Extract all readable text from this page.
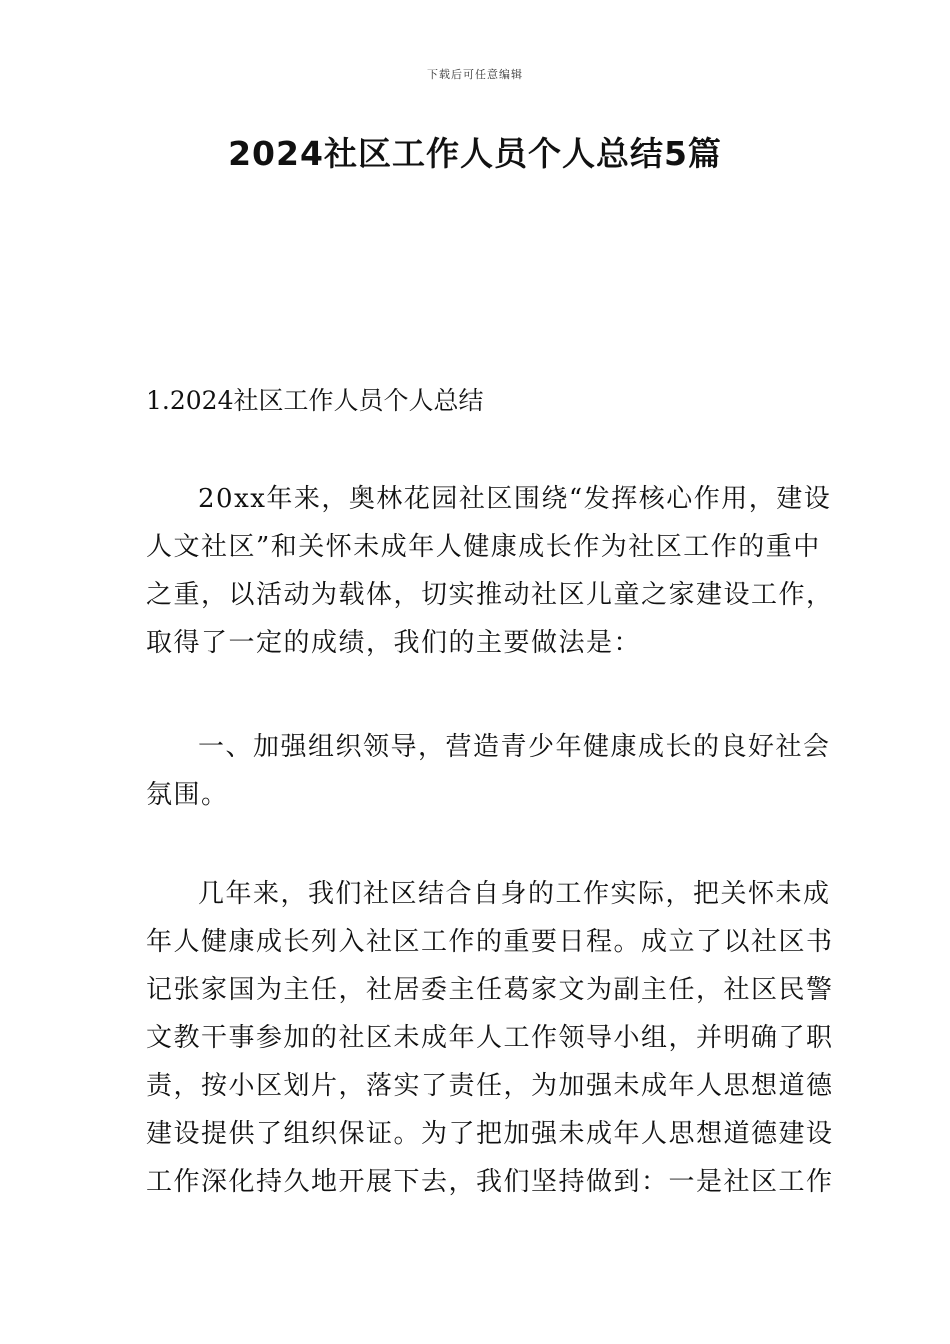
下载后可任意编辑
2024社区工作人员个人总结5篇
1.2024社区工作人员个人总结
20xx年来，奥林花园社区围绕“发挥核心作用，建设
人文社区”和关怀未成年人健康成长作为社区工作的重中
之重，以活动为载体，切实推动社区儿童之家建设工作，
取得了一定的成绩，我们的主要做法是：
一、加强组织领导，营造青少年健康成长的良好社会
氛围。
几年来，我们社区结合自身的工作实际，把关怀未成
年人健康成长列入社区工作的重要日程。成立了以社区书
记张家国为主任，社居委主任葛家文为副主任，社区民警
文教干事参加的社区未成年人工作领导小组，并明确了职
责，按小区划片，落实了责任，为加强未成年人思想道德
建设提供了组织保证。为了把加强未成年人思想道德建设
工作深化持久地开展下去，我们坚持做到：一是社区工作
